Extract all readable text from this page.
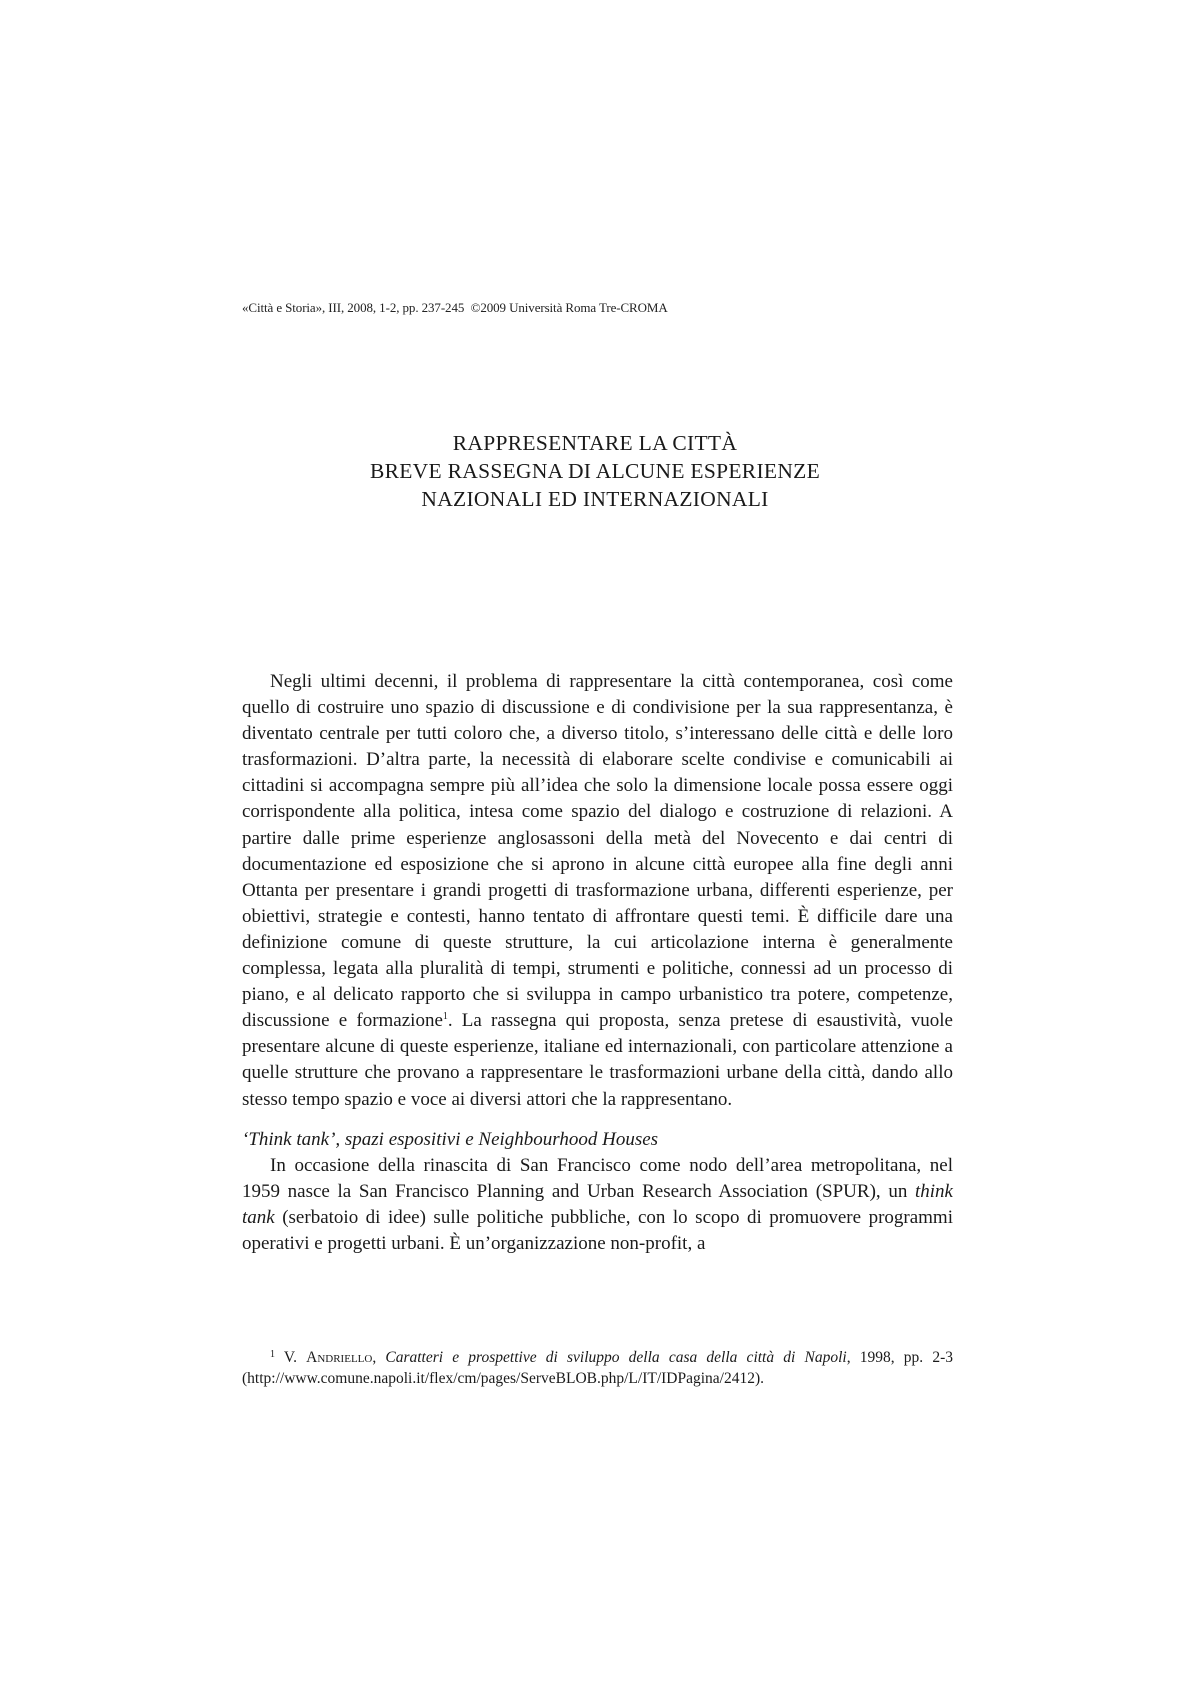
«Città e Storia», III, 2008, 1-2, pp. 237-245 ©2009 Università Roma Tre-CROMA
RAPPRESENTARE LA CITTÀ
BREVE RASSEGNA DI ALCUNE ESPERIENZE
NAZIONALI ED INTERNAZIONALI

Negli ultimi decenni, il problema di rappresentare la città contemporanea, così come quello di costruire uno spazio di discussione e di condivisione per la sua rappresentanza, è diventato centrale per tutti coloro che, a diverso titolo, s’interessano delle città e delle loro trasformazioni. D’altra parte, la necessità di elaborare scelte condivise e comunicabili ai cittadini si accompagna sempre più all’idea che solo la dimensione locale possa essere oggi corrispondente alla politica, intesa come spazio del dialogo e costruzione di relazioni. A partire dalle prime esperienze anglosassoni della metà del Novecento e dai centri di documentazione ed esposizione che si aprono in alcune città europee alla fine degli anni Ottanta per presentare i grandi progetti di trasformazione urbana, differenti esperienze, per obiettivi, strategie e contesti, hanno tentato di affrontare questi temi. È difficile dare una definizione comune di queste strutture, la cui articolazione interna è generalmente complessa, legata alla pluralità di tempi, strumenti e politiche, connessi ad un processo di piano, e al delicato rapporto che si sviluppa in campo urbanistico tra potere, competenze, discussione e formazione$^1$. La rassegna qui proposta, senza pretese di esaustività, vuole presentare alcune di queste esperienze, italiane ed internazionali, con particolare attenzione a quelle strutture che provano a rappresentare le trasformazioni urbane della città, dando allo stesso tempo spazio e voce ai diversi attori che la rappresentano.

‘Think tank’, spazi espositivi e Neighbourhood Houses

In occasione della rinascita di San Francisco come nodo dell’area metropolitana, nel 1959 nasce la San Francisco Planning and Urban Research Association (SPUR), un think tank (serbatoio di idee) sulle politiche pubbliche, con lo scopo di promuovere programmi operativi e progetti urbani. È un’organizzazione non-profit, a

$^1$ V. Andriello, Caratteri e prospettive di sviluppo della casa della città di Napoli, 1998, pp. 2-3 (http://www.comune.napoli.it/flex/cm/pages/ServeBLOB.php/L/IT/IDPagina/2412).
